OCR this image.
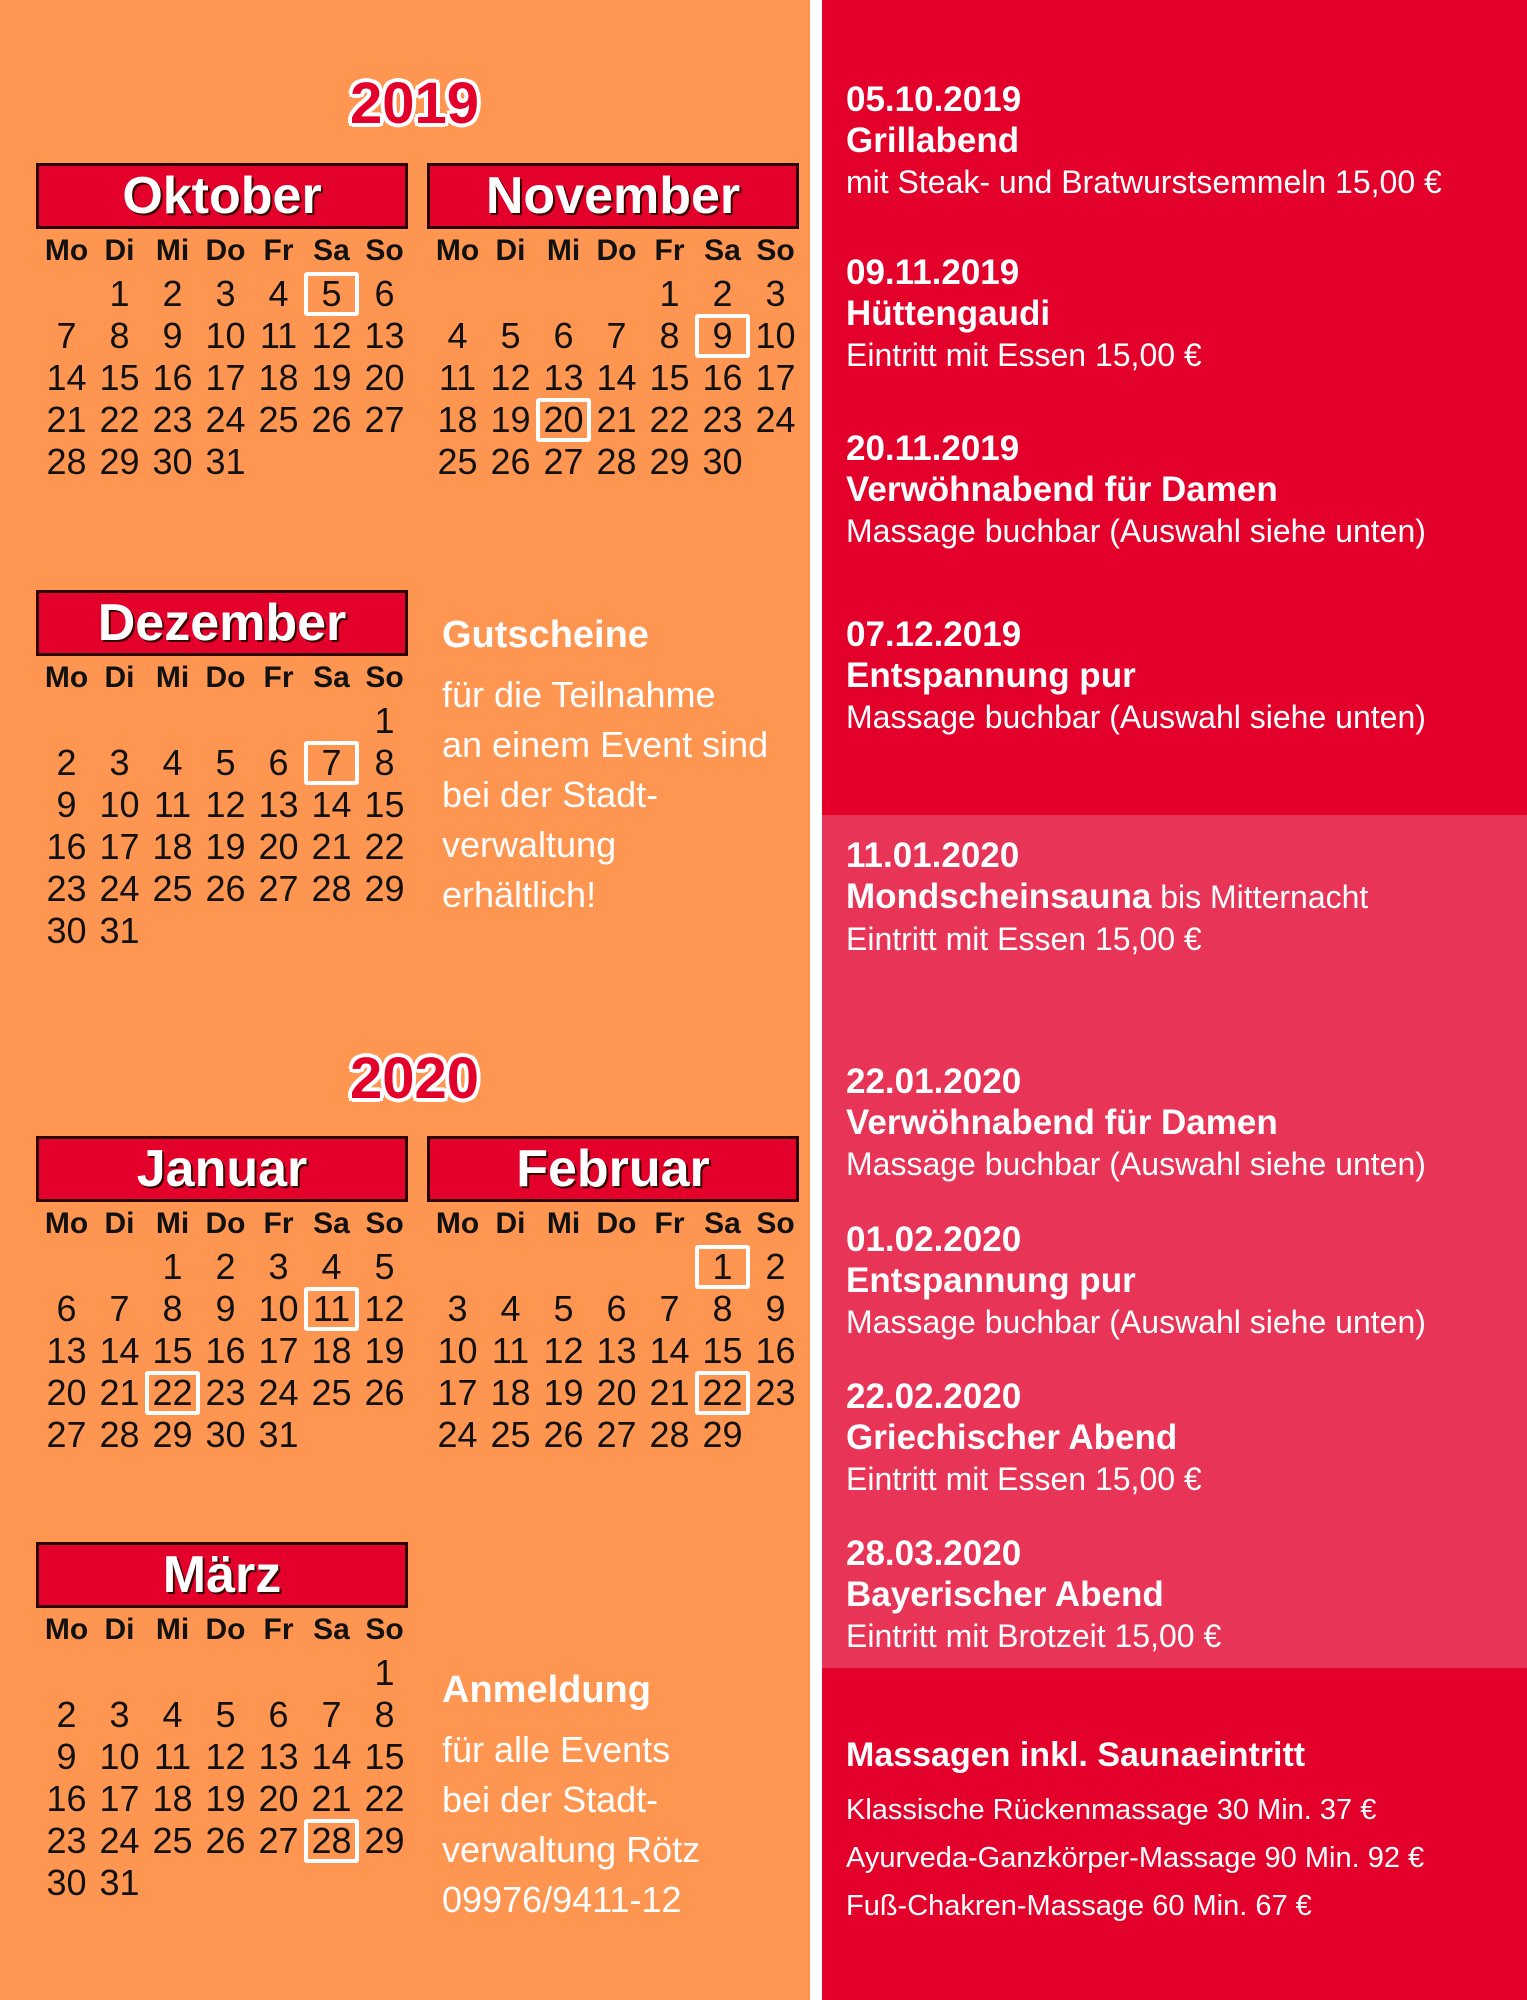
2019
2020
Oktober
Mo Di Mi Do Fr Sa So
1 2 3 4 5 6
7 8 9 10 11 12 13
14 15 16 17 18 19 20
21 22 23 24 25 26 27
28 29 30 31
November
Mo Di Mi Do Fr Sa So
1 2 3
4 5 6 7 8 9 10
11 12 13 14 15 16 17
18 19 20 21 22 23 24
25 26 27 28 29 30
Dezember
Mo Di Mi Do Fr Sa So
1
2 3 4 5 6 7 8
9 10 11 12 13 14 15
16 17 18 19 20 21 22
23 24 25 26 27 28 29
30 31
Januar
Mo Di Mi Do Fr Sa So
1 2 3 4 5
6 7 8 9 10 11 12
13 14 15 16 17 18 19
20 21 22 23 24 25 26
27 28 29 30 31
Februar
Mo Di Mi Do Fr Sa So
1 2
3 4 5 6 7 8 9
10 11 12 13 14 15 16
17 18 19 20 21 22 23
24 25 26 27 28 29
März
Mo Di Mi Do Fr Sa So
1
2 3 4 5 6 7 8
9 10 11 12 13 14 15
16 17 18 19 20 21 22
23 24 25 26 27 28 29
30 31
Gutscheine
für die Teilnahme
an einem Event sind
bei der Stadt-
verwaltung
erhältlich!
Anmeldung
für alle Events
bei der Stadt-
verwaltung Rötz
09976/9411-12
05.10.2019
Grillabend
mit Steak- und Bratwurstsemmeln 15,00 €
09.11.2019
Hüttengaudi
Eintritt mit Essen 15,00 €
20.11.2019
Verwöhnabend für Damen
Massage buchbar (Auswahl siehe unten)
07.12.2019
Entspannung pur
Massage buchbar (Auswahl siehe unten)
11.01.2020
Mondscheinsauna bis Mitternacht
Eintritt mit Essen 15,00 €
22.01.2020
Verwöhnabend für Damen
Massage buchbar (Auswahl siehe unten)
01.02.2020
Entspannung pur
Massage buchbar (Auswahl siehe unten)
22.02.2020
Griechischer Abend
Eintritt mit Essen 15,00 €
28.03.2020
Bayerischer Abend
Eintritt mit Brotzeit 15,00 €
Massagen inkl. Saunaeintritt
Klassische Rückenmassage 30 Min. 37 €
Ayurveda-Ganzkörper-Massage 90 Min. 92 €
Fuß-Chakren-Massage 60 Min. 67 €
